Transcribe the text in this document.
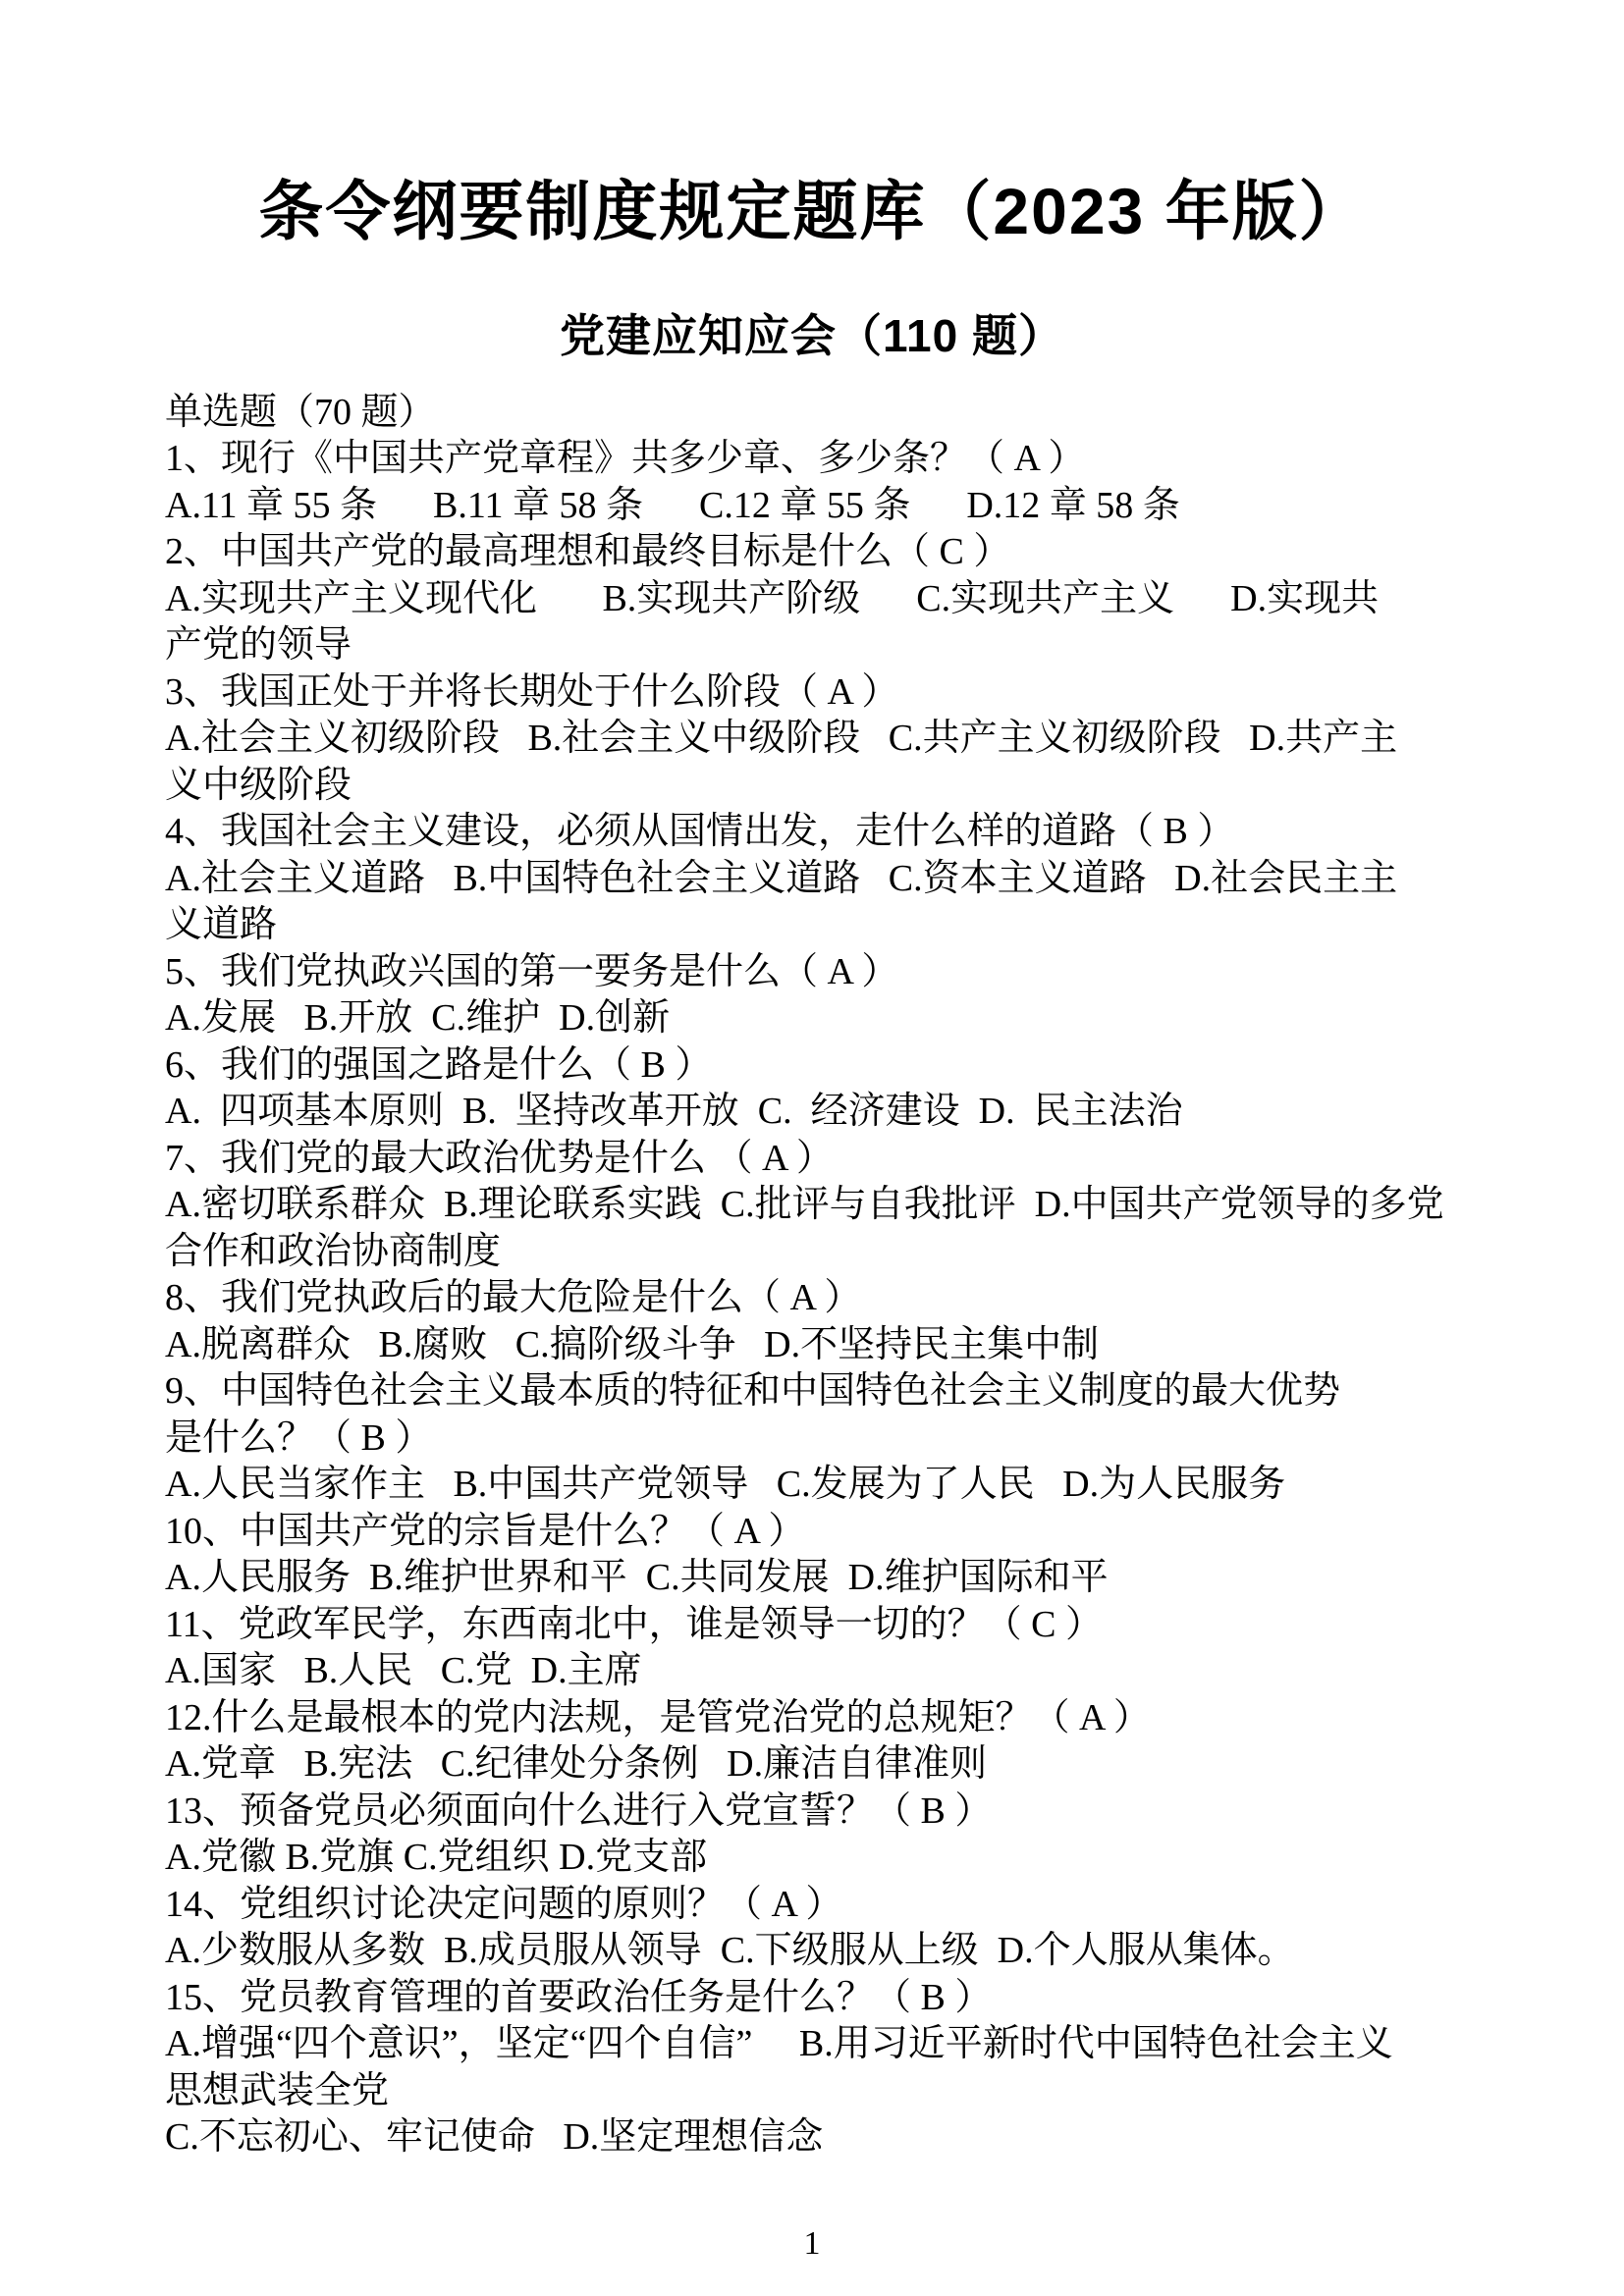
条令纲要制度规定题库（2023 年版）
党建应知应会（110 题）
单选题（70 题）
1、现行《中国共产党章程》共多少章、多少条？（ A ）
A.11 章 55 条      B.11 章 58 条      C.12 章 55 条      D.12 章 58 条
2、中国共产党的最高理想和最终目标是什么（ C ）
A.实现共产主义现代化       B.实现共产阶级      C.实现共产主义      D.实现共
产党的领导
3、我国正处于并将长期处于什么阶段（ A ）
A.社会主义初级阶段   B.社会主义中级阶段   C.共产主义初级阶段   D.共产主
义中级阶段
4、我国社会主义建设，必须从国情出发，走什么样的道路（ B ）
A.社会主义道路   B.中国特色社会主义道路   C.资本主义道路   D.社会民主主
义道路
5、我们党执政兴国的第一要务是什么（ A ）
A.发展   B.开放  C.维护  D.创新
6、我们的强国之路是什么（ B ）
A.  四项基本原则  B.  坚持改革开放  C.  经济建设  D.  民主法治
7、我们党的最大政治优势是什么 （ A ）
A.密切联系群众  B.理论联系实践  C.批评与自我批评  D.中国共产党领导的多党
合作和政治协商制度
8、我们党执政后的最大危险是什么（ A ）
A.脱离群众   B.腐败   C.搞阶级斗争   D.不坚持民主集中制
9、中国特色社会主义最本质的特征和中国特色社会主义制度的最大优势
是什么？（ B ）
A.人民当家作主   B.中国共产党领导   C.发展为了人民   D.为人民服务
10、中国共产党的宗旨是什么？（ A ）
A.人民服务  B.维护世界和平  C.共同发展  D.维护国际和平
11、党政军民学，东西南北中，谁是领导一切的？（ C ）
A.国家   B.人民   C.党  D.主席
12.什么是最根本的党内法规，是管党治党的总规矩？（ A ）
A.党章   B.宪法   C.纪律处分条例   D.廉洁自律准则
13、预备党员必须面向什么进行入党宣誓？（ B ）
A.党徽 B.党旗 C.党组织 D.党支部
14、党组织讨论决定问题的原则？（ A ）
A.少数服从多数  B.成员服从领导  C.下级服从上级  D.个人服从集体。
15、党员教育管理的首要政治任务是什么？（ B ）
A.增强“四个意识”，坚定“四个自信”     B.用习近平新时代中国特色社会主义
思想武装全党
C.不忘初心、牢记使命   D.坚定理想信念
1
